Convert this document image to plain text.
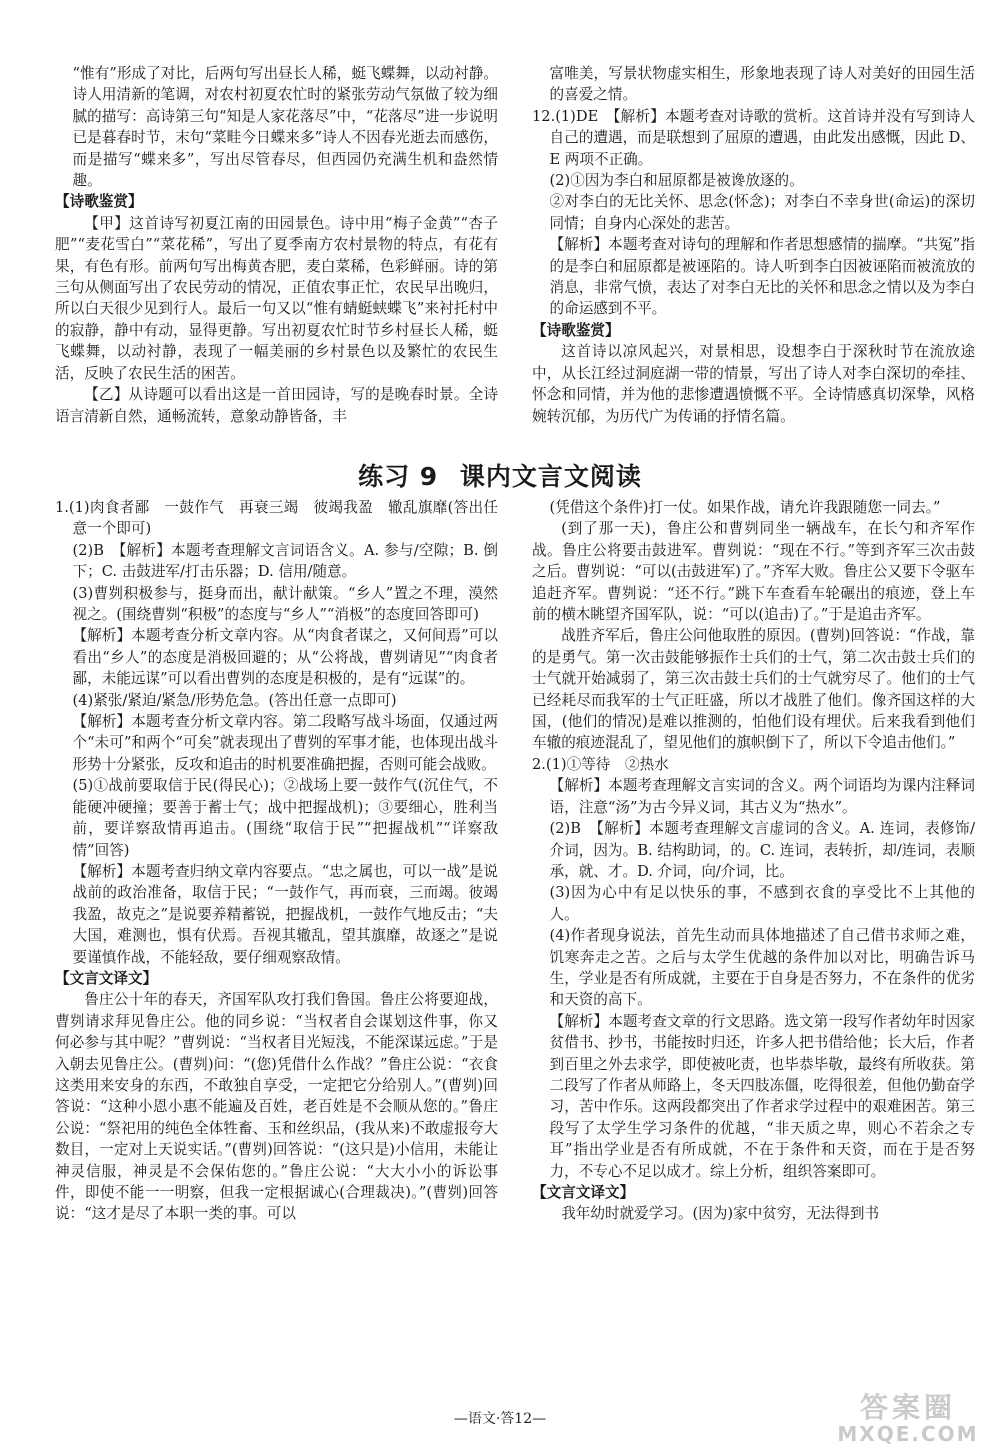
“惟有”形成了对比，后两句写出昼长人稀，蜓飞蝶舞，以动衬静。诗人用清新的笔调，对农村初夏农忙时的紧张劳动气氛做了较为细腻的描写：高诗第三句“知是人家花落尽”中，“花落尽”进一步说明已是暮春时节，末句“菜畦今日蝶来多”诗人不因春光逝去而感伤，而是描写“蝶来多”，写出尽管春尽，但西园仍充满生机和盎然情趣。

【诗歌鉴赏】

【甲】这首诗写初夏江南的田园景色。诗中用“梅子金黄”“杏子肥”“麦花雪白”“菜花稀”，写出了夏季南方农村景物的特点，有花有果，有色有形。前两句写出梅黄杏肥，麦白菜稀，色彩鲜丽。诗的第三句从侧面写出了农民劳动的情况，正值农事正忙，农民早出晚归，所以白天很少见到行人。最后一句又以“惟有蜻蜓蛱蝶飞”来衬托村中的寂静，静中有动，显得更静。写出初夏农忙时节乡村昼长人稀，蜓飞蝶舞，以动衬静，表现了一幅美丽的乡村景色以及繁忙的农民生活，反映了农民生活的困苦。

【乙】从诗题可以看出这是一首田园诗，写的是晚春时景。全诗语言清新自然，通畅流转，意象动静皆备，丰

富唯美，写景状物虚实相生，形象地表现了诗人对美好的田园生活的喜爱之情。

12.(1)DE　【解析】本题考查对诗歌的赏析。这首诗并没有写到诗人自己的遭遇，而是联想到了屈原的遭遇，由此发出感慨，因此 D、E 两项不正确。

(2)①因为李白和屈原都是被谗放逐的。

②对李白的无比关怀、思念(怀念)；对李白不幸身世(命运)的深切同情；自身内心深处的悲苦。

【解析】本题考查对诗句的理解和作者思想感情的揣摩。“共冤”指的是李白和屈原都是被诬陷的。诗人听到李白因被诬陷而被流放的消息，非常气愤，表达了对李白无比的关怀和思念之情以及为李白的命运感到不平。

【诗歌鉴赏】

这首诗以凉风起兴，对景相思，设想李白于深秋时节在流放途中，从长江经过洞庭湖一带的情景，写出了诗人对李白深切的牵挂、怀念和同情，并为他的悲惨遭遇愤慨不平。全诗情感真切深挚，风格婉转沉郁，为历代广为传诵的抒情名篇。

练习 9 课内文言文阅读

1.(1)肉食者鄙　一鼓作气　再衰三竭　彼竭我盈　辙乱旗靡(答出任意一个即可)

(2)B　【解析】本题考查理解文言词语含义。A. 参与/空隙；B. 倒下；C. 击鼓进军/打击乐器；D. 信用/随意。

(3)曹刿积极参与，挺身而出，献计献策。“乡人”置之不理，漠然视之。(围绕曹刿“积极”的态度与“乡人”“消极”的态度回答即可)

【解析】本题考查分析文章内容。从“肉食者谋之，又何间焉”可以看出“乡人”的态度是消极回避的；从“公将战，曹刿请见”“肉食者鄙，未能远谋”可以看出曹刿的态度是积极的，是有“远谋”的。

(4)紧张/紧迫/紧急/形势危急。(答出任意一点即可)

【解析】本题考查分析文章内容。第二段略写战斗场面，仅通过两个“未可”和两个“可矣”就表现出了曹刿的军事才能，也体现出战斗形势十分紧张，反攻和追击的时机要准确把握，否则可能会战败。

(5)①战前要取信于民(得民心)；②战场上要一鼓作气(沉住气，不能硬冲硬撞；要善于蓄士气；战中把握战机)；③要细心，胜利当前，要详察敌情再追击。(围绕“取信于民”“把握战机”“详察敌情”回答)

【解析】本题考查归纳文章内容要点。“忠之属也，可以一战”是说战前的政治准备，取信于民；“一鼓作气，再而衰，三而竭。彼竭我盈，故克之”是说要养精蓄锐，把握战机，一鼓作气地反击；“夫大国，难测也，惧有伏焉。吾视其辙乱，望其旗靡，故逐之”是说要谨慎作战，不能轻敌，要仔细观察敌情。

【文言文译文】

鲁庄公十年的春天，齐国军队攻打我们鲁国。鲁庄公将要迎战，曹刿请求拜见鲁庄公。他的同乡说：“当权者自会谋划这件事，你又何必参与其中呢？”曹刿说：“当权者目光短浅，不能深谋远虑。”于是入朝去见鲁庄公。(曹刿)问：“(您)凭借什么作战？”鲁庄公说：“衣食这类用来安身的东西，不敢独自享受，一定把它分给别人。”(曹刿)回答说：“这种小恩小惠不能遍及百姓，老百姓是不会顺从您的。”鲁庄公说：“祭祀用的纯色全体牲畜、玉和丝织品，(我从来)不敢虚报夸大数目，一定对上天说实话。”(曹刿)回答说：“(这只是)小信用，未能让神灵信服，神灵是不会保佑您的。”鲁庄公说：“大大小小的诉讼事件，即使不能一一明察，但我一定根据诚心(合理裁决)。”(曹刿)回答说：“这才是尽了本职一类的事。可以

(凭借这个条件)打一仗。如果作战，请允许我跟随您一同去。”

(到了那一天)，鲁庄公和曹刿同坐一辆战车，在长勺和齐军作战。鲁庄公将要击鼓进军。曹刿说：“现在不行。”等到齐军三次击鼓之后。曹刿说：“可以(击鼓进军)了。”齐军大败。鲁庄公又要下令驱车追赶齐军。曹刿说：“还不行。”跳下车查看车轮碾出的痕迹，登上车前的横木眺望齐国军队，说：“可以(追击)了。”于是追击齐军。

战胜齐军后，鲁庄公问他取胜的原因。(曹刿)回答说：“作战，靠的是勇气。第一次击鼓能够振作士兵们的士气，第二次击鼓士兵们的士气就开始减弱了，第三次击鼓士兵们的士气就穷尽了。他们的士气已经耗尽而我军的士气正旺盛，所以才战胜了他们。像齐国这样的大国，(他们的情况)是难以推测的，怕他们设有埋伏。后来我看到他们车辙的痕迹混乱了，望见他们的旗帜倒下了，所以下令追击他们。”

2.(1)①等待　②热水

【解析】本题考查理解文言实词的含义。两个词语均为课内注释词语，注意“汤”为古今异义词，其古义为“热水”。

(2)B　【解析】本题考查理解文言虚词的含义。A. 连词，表修饰/介词，因为。B. 结构助词，的。C. 连词，表转折，却/连词，表顺承，就、才。D. 介词，向/介词，比。

(3)因为心中有足以快乐的事，不感到衣食的享受比不上其他的人。

(4)作者现身说法，首先生动而具体地描述了自己借书求师之难，饥寒奔走之苦。之后与太学生优越的条件加以对比，明确告诉马生，学业是否有所成就，主要在于自身是否努力，不在条件的优劣和天资的高下。

【解析】本题考查文章的行文思路。选文第一段写作者幼年时因家贫借书、抄书，书能按时归还，许多人把书借给他；长大后，作者到百里之外去求学，即使被叱责，也毕恭毕敬，最终有所收获。第二段写了作者从师路上，冬天四肢冻僵，吃得很差，但他仍勤奋学习，苦中作乐。这两段都突出了作者求学过程中的艰难困苦。第三段写了太学生学习条件的优越，“非天质之卑，则心不若余之专耳”指出学业是否有所成就，不在于条件和天资，而在于是否努力，不专心不足以成才。综上分析，组织答案即可。

【文言文译文】

我年幼时就爱学习。(因为)家中贫穷，无法得到书

—语文·答12—	答案圈
MXQE.COM
